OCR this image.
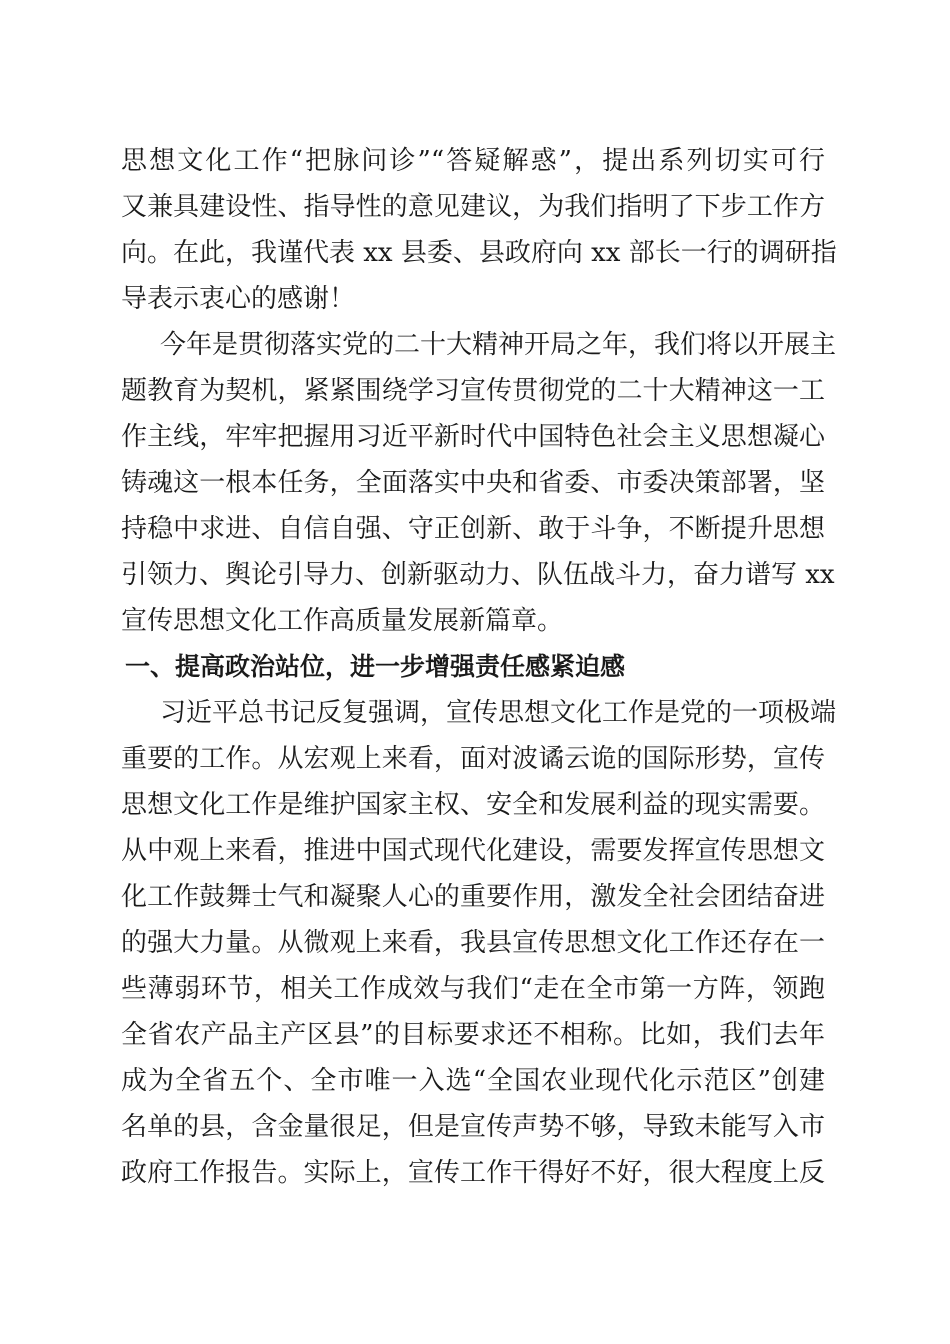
思想文化工作“把脉问诊”“答疑解惑”，提出系列切实可行
又兼具建设性、指导性的意见建议，为我们指明了下步工作方
向。在此，我谨代表 xx 县委、县政府向 xx 部长一行的调研指
导表示衷心的感谢！
今年是贯彻落实党的二十大精神开局之年，我们将以开展主
题教育为契机，紧紧围绕学习宣传贯彻党的二十大精神这一工
作主线，牢牢把握用习近平新时代中国特色社会主义思想凝心
铸魂这一根本任务，全面落实中央和省委、市委决策部署，坚
持稳中求进、自信自强、守正创新、敢于斗争，不断提升思想
引领力、舆论引导力、创新驱动力、队伍战斗力，奋力谱写 xx
宣传思想文化工作高质量发展新篇章。
一、提高政治站位，进一步增强责任感紧迫感
习近平总书记反复强调，宣传思想文化工作是党的一项极端
重要的工作。从宏观上来看，面对波谲云诡的国际形势，宣传
思想文化工作是维护国家主权、安全和发展利益的现实需要。
从中观上来看，推进中国式现代化建设，需要发挥宣传思想文
化工作鼓舞士气和凝聚人心的重要作用，激发全社会团结奋进
的强大力量。从微观上来看，我县宣传思想文化工作还存在一
些薄弱环节，相关工作成效与我们“走在全市第一方阵，领跑
全省农产品主产区县”的目标要求还不相称。比如，我们去年
成为全省五个、全市唯一入选“全国农业现代化示范区”创建
名单的县，含金量很足，但是宣传声势不够，导致未能写入市
政府工作报告。实际上，宣传工作干得好不好，很大程度上反
